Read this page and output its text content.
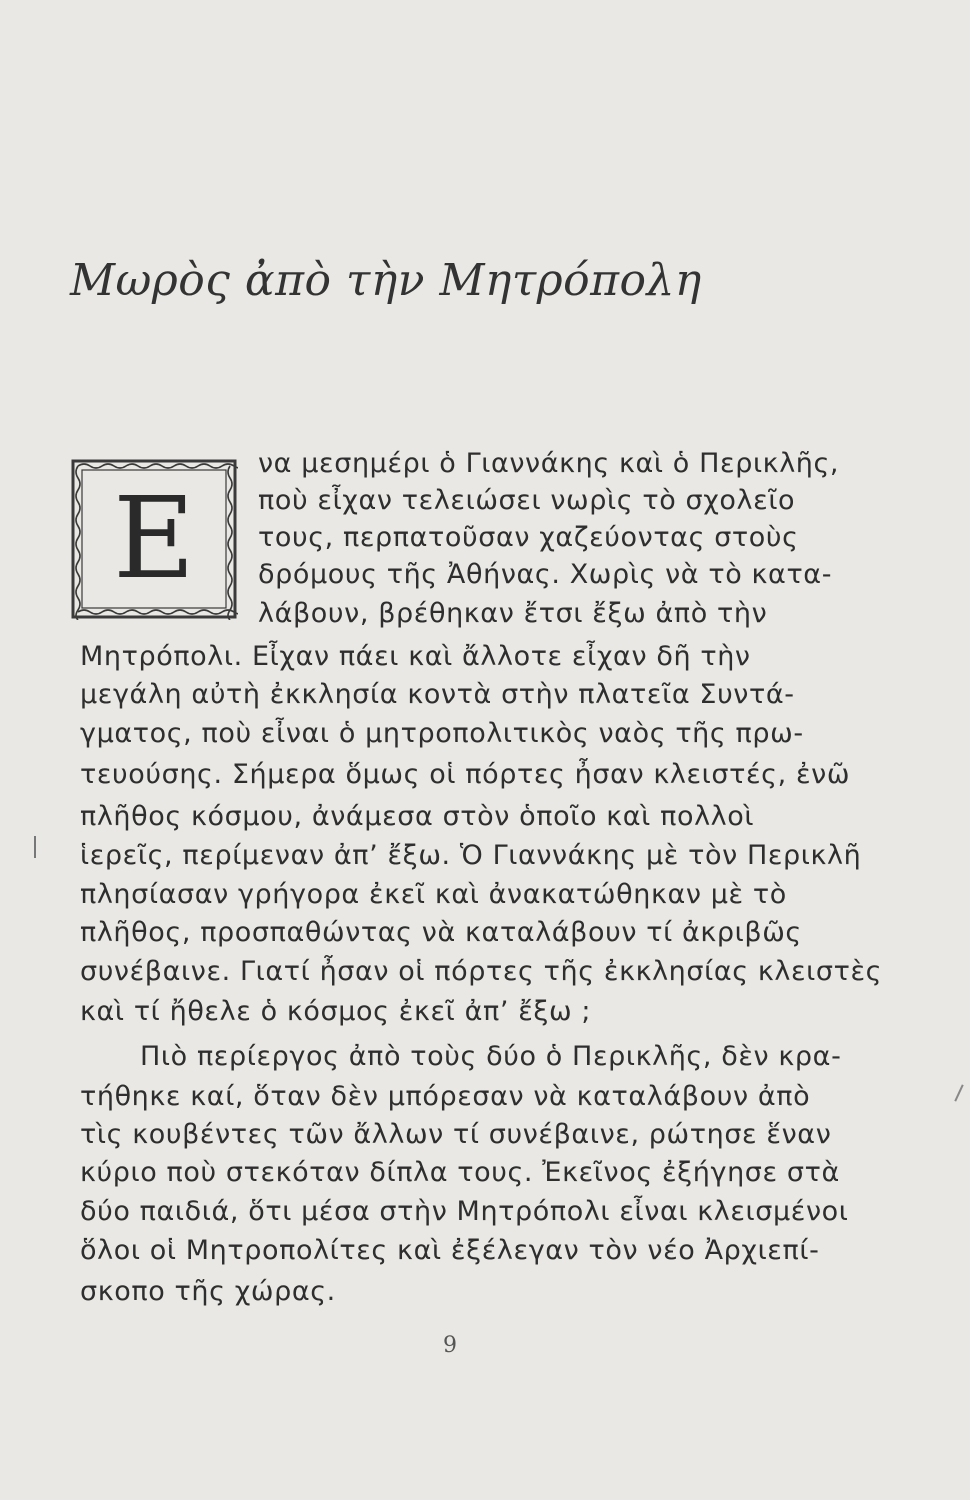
Μωρὸς ἀπὸ τὴν Μητρόπολη
Ε
να μεσημέρι ὁ Γιαννάκης καὶ ὁ Περικλῆς,
ποὺ εἶχαν τελειώσει νωρὶς τὸ σχολεῖο
τους, περπατοῦσαν χαζεύοντας στοὺς
δρόμους τῆς Ἀθήνας. Χωρὶς νὰ τὸ κατα-
λάβουν, βρέθηκαν ἔτσι ἔξω ἀπὸ τὴν
Μητρόπολι. Εἶχαν πάει καὶ ἄλλοτε εἶχαν δῆ τὴν
μεγάλη αὐτὴ ἐκκλησία κοντὰ στὴν πλατεῖα Συντά-
γματος, ποὺ εἶναι ὁ μητροπολιτικὸς ναὸς τῆς πρω-
τευούσης. Σήμερα ὅμως οἱ πόρτες ἦσαν κλειστές, ἐνῶ
πλῆθος κόσμου, ἀνάμεσα στὸν ὁποῖο καὶ πολλοὶ
ἱερεῖς, περίμεναν ἀπ’ ἔξω. Ὁ Γιαννάκης μὲ τὸν Περικλῆ
πλησίασαν γρήγορα ἐκεῖ καὶ ἀνακατώθηκαν μὲ τὸ
πλῆθος, προσπαθώντας νὰ καταλάβουν τί ἀκριβῶς
συνέβαινε. Γιατί ἦσαν οἱ πόρτες τῆς ἐκκλησίας κλειστὲς
καὶ τί ἤθελε ὁ κόσμος ἐκεῖ ἀπ’ ἔξω ;
Πιὸ περίεργος ἀπὸ τοὺς δύο ὁ Περικλῆς, δὲν κρα-
τήθηκε καί, ὅταν δὲν μπόρεσαν νὰ καταλάβουν ἀπὸ
τὶς κουβέντες τῶν ἄλλων τί συνέβαινε, ρώτησε ἕναν
κύριο ποὺ στεκόταν δίπλα τους. Ἐκεῖνος ἐξήγησε στὰ
δύο παιδιά, ὅτι μέσα στὴν Μητρόπολι εἶναι κλεισμένοι
ὅλοι οἱ Μητροπολίτες καὶ ἐξέλεγαν τὸν νέο Ἀρχιεπί-
σκοπο τῆς χώρας.
9
